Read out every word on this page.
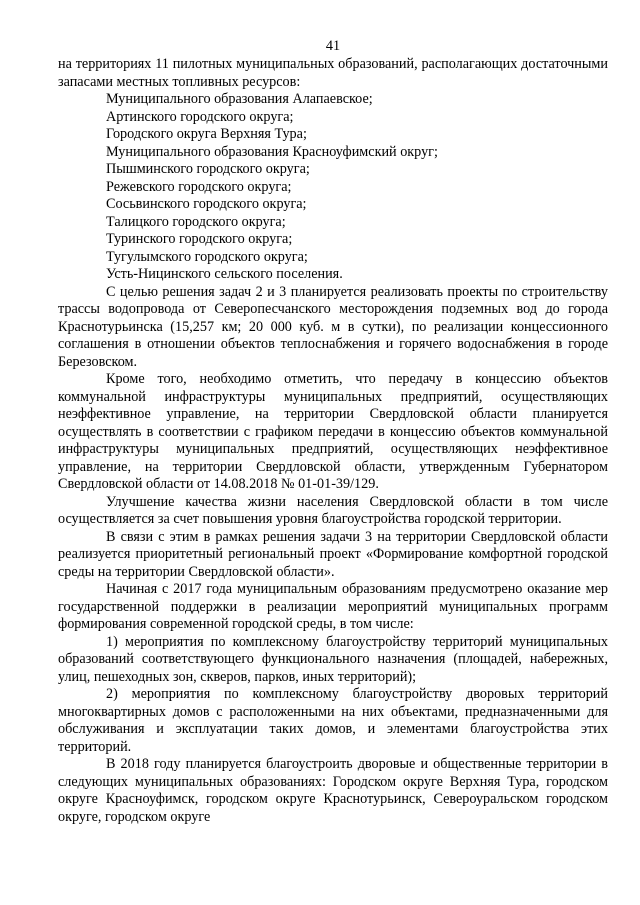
41

на территориях 11 пилотных муниципальных образований, располагающих достаточными запасами местных топливных ресурсов:

Муниципального образования Алапаевское;

Артинского городского округа;

Городского округа Верхняя Тура;

Муниципального образования Красноуфимский округ;

Пышминского городского округа;

Режевского городского округа;

Сосьвинского городского округа;

Талицкого городского округа;

Туринского городского округа;

Тугулымского городского округа;

Усть-Ницинского сельского поселения.

С целью решения задач 2 и 3 планируется реализовать проекты по строительству трассы водопровода от Северопесчанского месторождения подземных вод до города Краснотурьинска (15,257 км; 20 000 куб. м в сутки), по реализации концессионного соглашения в отношении объектов теплоснабжения и горячего водоснабжения в городе Березовском.

Кроме того, необходимо отметить, что передачу в концессию объектов коммунальной инфраструктуры муниципальных предприятий, осуществляющих неэффективное управление, на территории Свердловской области планируется осуществлять в соответствии с графиком передачи в концессию объектов коммунальной инфраструктуры муниципальных предприятий, осуществляющих неэффективное управление, на территории Свердловской области, утвержденным Губернатором Свердловской области от 14.08.2018 № 01-01-39/129.

Улучшение качества жизни населения Свердловской области в том числе осуществляется за счет повышения уровня благоустройства городской территории.

В связи с этим в рамках решения задачи 3 на территории Свердловской области реализуется приоритетный региональный проект «Формирование комфортной городской среды на территории Свердловской области».

Начиная с 2017 года муниципальным образованиям предусмотрено оказание мер государственной поддержки в реализации мероприятий муниципальных программ формирования современной городской среды, в том числе:

1) мероприятия по комплексному благоустройству территорий муниципальных образований соответствующего функционального назначения (площадей, набережных, улиц, пешеходных зон, скверов, парков, иных территорий);

2) мероприятия по комплексному благоустройству дворовых территорий многоквартирных домов с расположенными на них объектами, предназначенными для обслуживания и эксплуатации таких домов, и элементами благоустройства этих территорий.

В 2018 году планируется благоустроить дворовые и общественные территории в следующих муниципальных образованиях: Городском округе Верхняя Тура, городском округе Красноуфимск, городском округе Краснотурьинск, Североуральском городском округе, городском округе
